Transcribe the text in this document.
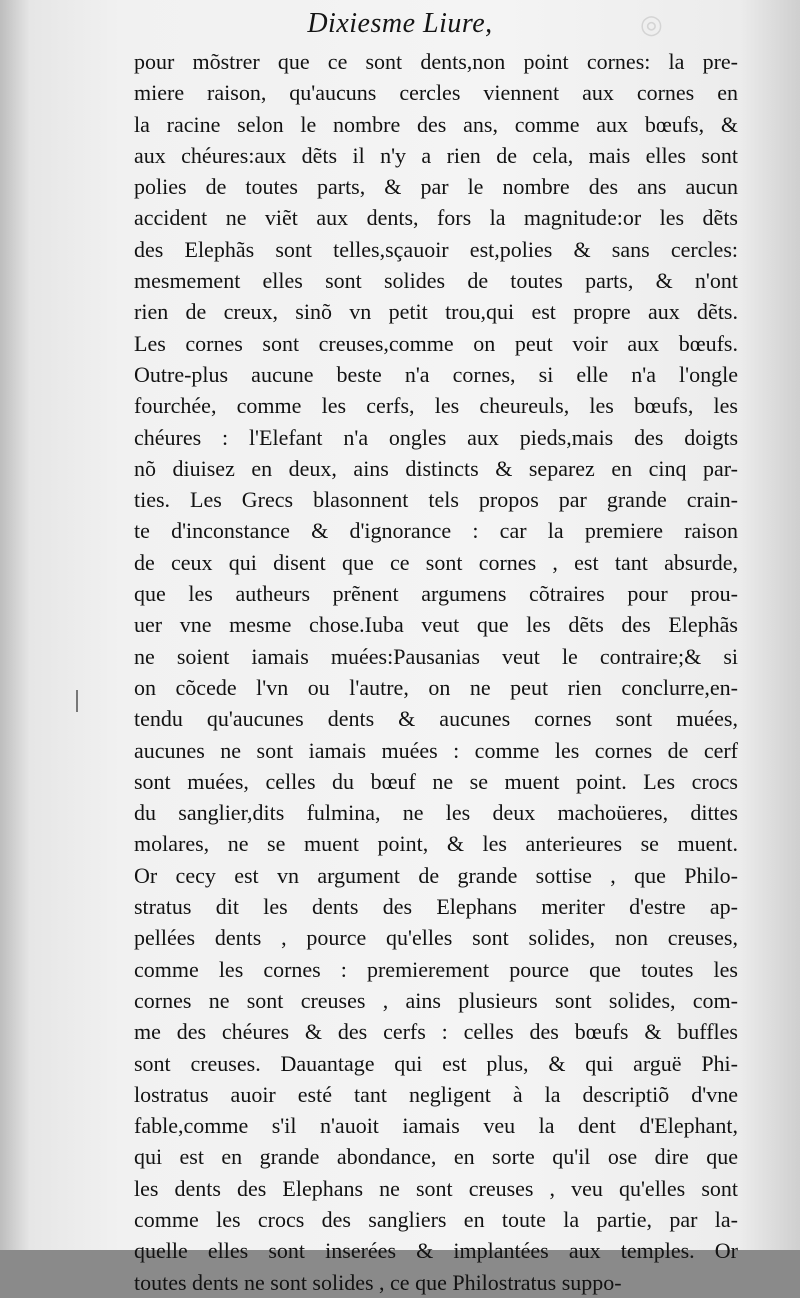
◎
Dixiesme Liure,
pour mõstrer que ce sont dents,non point cornes: la pre-
miere raison, qu'aucuns cercles viennent aux cornes en
la racine selon le nombre des ans, comme aux bœufs, &
aux chéures:aux dẽts il n'y a rien de cela, mais elles sont
polies de toutes parts, & par le nombre des ans aucun
accident ne viẽt aux dents, fors la magnitude:or les dẽts
des Elephãs sont telles,sçauoir est,polies & sans cercles:
mesmement elles sont solides de toutes parts, & n'ont
rien de creux, sinõ vn petit trou,qui est propre aux dẽts.
Les cornes sont creuses,comme on peut voir aux bœufs.
Outre-plus aucune beste n'a cornes, si elle n'a l'ongle
fourchée, comme les cerfs, les cheureuls, les bœufs, les
chéures : l'Elefant n'a ongles aux pieds,mais des doigts
nõ diuisez en deux, ains distincts & separez en cinq par-
ties. Les Grecs blasonnent tels propos par grande crain-
te d'inconstance & d'ignorance : car la premiere raison
de ceux qui disent que ce sont cornes , est tant absurde,
que les autheurs prẽnent argumens cõtraires pour prou-
uer vne mesme chose.Iuba veut que les dẽts des Elephãs
ne soient iamais muées:Pausanias veut le contraire;& si
on cõcede l'vn ou l'autre, on ne peut rien conclurre,en-
tendu qu'aucunes dents & aucunes cornes sont muées,
aucunes ne sont iamais muées : comme les cornes de cerf
sont muées, celles du bœuf ne se muent point. Les crocs
du sanglier,dits fulmina, ne les deux machoüeres, dittes
molares, ne se muent point, & les anterieures se muent.
Or cecy est vn argument de grande sottise , que Philo-
stratus dit les dents des Elephans meriter d'estre ap-
pellées dents , pource qu'elles sont solides, non creuses,
comme les cornes : premierement pource que toutes les
cornes ne sont creuses , ains plusieurs sont solides, com-
me des chéures & des cerfs : celles des bœufs & buffles
sont creuses. Dauantage qui est plus, & qui arguë Phi-
lostratus auoir esté tant negligent à la descriptiõ d'vne
fable,comme s'il n'auoit iamais veu la dent d'Elephant,
qui est en grande abondance, en sorte qu'il ose dire que
les dents des Elephans ne sont creuses , veu qu'elles sont
comme les crocs des sangliers en toute la partie, par la-
quelle elles sont inserées & implantées aux temples. Or
toutes dents ne sont solides , ce que Philostratus suppo-
